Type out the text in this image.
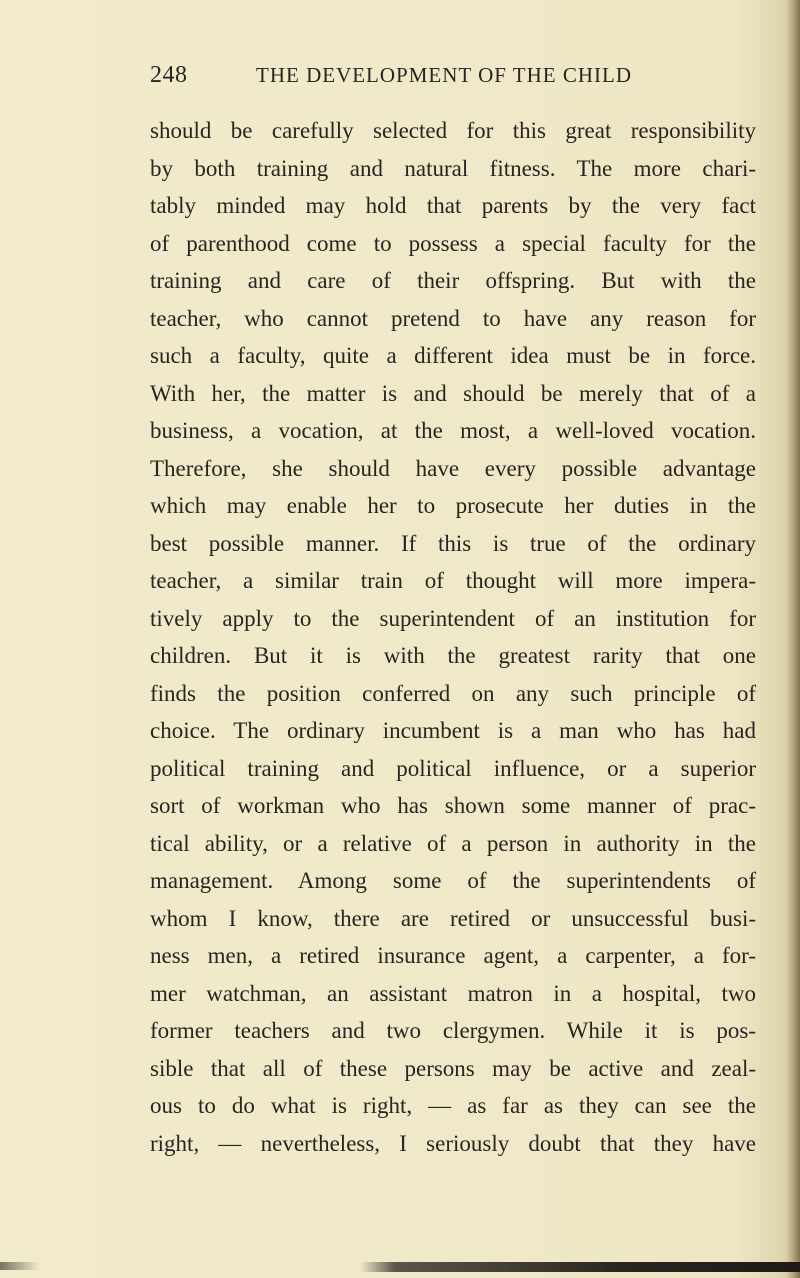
248	THE DEVELOPMENT OF THE CHILD
should be carefully selected for this great responsibility
by both training and natural fitness. The more chari-
tably minded may hold that parents by the very fact
of parenthood come to possess a special faculty for the
training and care of their offspring. But with the
teacher, who cannot pretend to have any reason for
such a faculty, quite a different idea must be in force.
With her, the matter is and should be merely that of a
business, a vocation, at the most, a well-loved vocation.
Therefore, she should have every possible advantage
which may enable her to prosecute her duties in the
best possible manner. If this is true of the ordinary
teacher, a similar train of thought will more impera-
tively apply to the superintendent of an institution for
children. But it is with the greatest rarity that one
finds the position conferred on any such principle of
choice. The ordinary incumbent is a man who has had
political training and political influence, or a superior
sort of workman who has shown some manner of prac-
tical ability, or a relative of a person in authority in the
management. Among some of the superintendents of
whom I know, there are retired or unsuccessful busi-
ness men, a retired insurance agent, a carpenter, a for-
mer watchman, an assistant matron in a hospital, two
former teachers and two clergymen. While it is pos-
sible that all of these persons may be active and zeal-
ous to do what is right, — as far as they can see the
right, — nevertheless, I seriously doubt that they have
